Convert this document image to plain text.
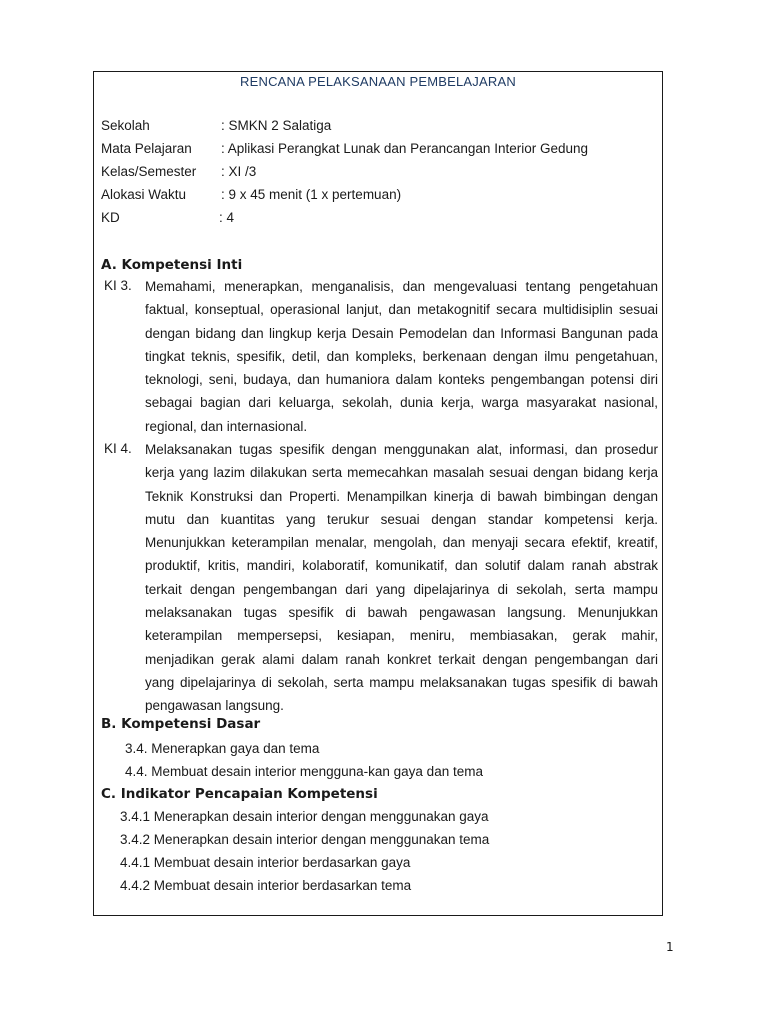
RENCANA PELAKSANAAN PEMBELAJARAN
Sekolah	: SMKN 2 Salatiga
Mata Pelajaran : Aplikasi Perangkat Lunak dan Perancangan Interior Gedung
Kelas/Semester : XI /3
Alokasi Waktu	: 9 x 45 menit (1 x pertemuan)
KD	: 4
A. Kompetensi Inti
KI 3. Memahami, menerapkan, menganalisis, dan mengevaluasi tentang pengetahuan faktual, konseptual, operasional lanjut, dan metakognitif secara multidisiplin sesuai dengan bidang dan lingkup kerja Desain Pemodelan dan Informasi Bangunan pada tingkat teknis, spesifik, detil, dan kompleks, berkenaan dengan ilmu pengetahuan, teknologi, seni, budaya, dan humaniora dalam konteks pengembangan potensi diri sebagai bagian dari keluarga, sekolah, dunia kerja, warga masyarakat nasional, regional, dan internasional.
KI 4. Melaksanakan tugas spesifik dengan menggunakan alat, informasi, dan prosedur kerja yang lazim dilakukan serta memecahkan masalah sesuai dengan bidang kerja Teknik Konstruksi dan Properti. Menampilkan kinerja di bawah bimbingan dengan mutu dan kuantitas yang terukur sesuai dengan standar kompetensi kerja. Menunjukkan keterampilan menalar, mengolah, dan menyaji secara efektif, kreatif, produktif, kritis, mandiri, kolaboratif, komunikatif, dan solutif dalam ranah abstrak terkait dengan pengembangan dari yang dipelajarinya di sekolah, serta mampu melaksanakan tugas spesifik di bawah pengawasan langsung. Menunjukkan keterampilan mempersepsi, kesiapan, meniru, membiasakan, gerak mahir, menjadikan gerak alami dalam ranah konkret terkait dengan pengembangan dari yang dipelajarinya di sekolah, serta mampu melaksanakan tugas spesifik di bawah pengawasan langsung.
B. Kompetensi Dasar
3.4. Menerapkan gaya dan tema
4.4. Membuat desain interior mengguna-kan gaya dan tema
C. Indikator Pencapaian Kompetensi
3.4.1 Menerapkan desain interior dengan menggunakan gaya
3.4.2 Menerapkan desain interior dengan menggunakan tema
4.4.1 Membuat desain interior berdasarkan gaya
4.4.2 Membuat desain interior berdasarkan tema
1
